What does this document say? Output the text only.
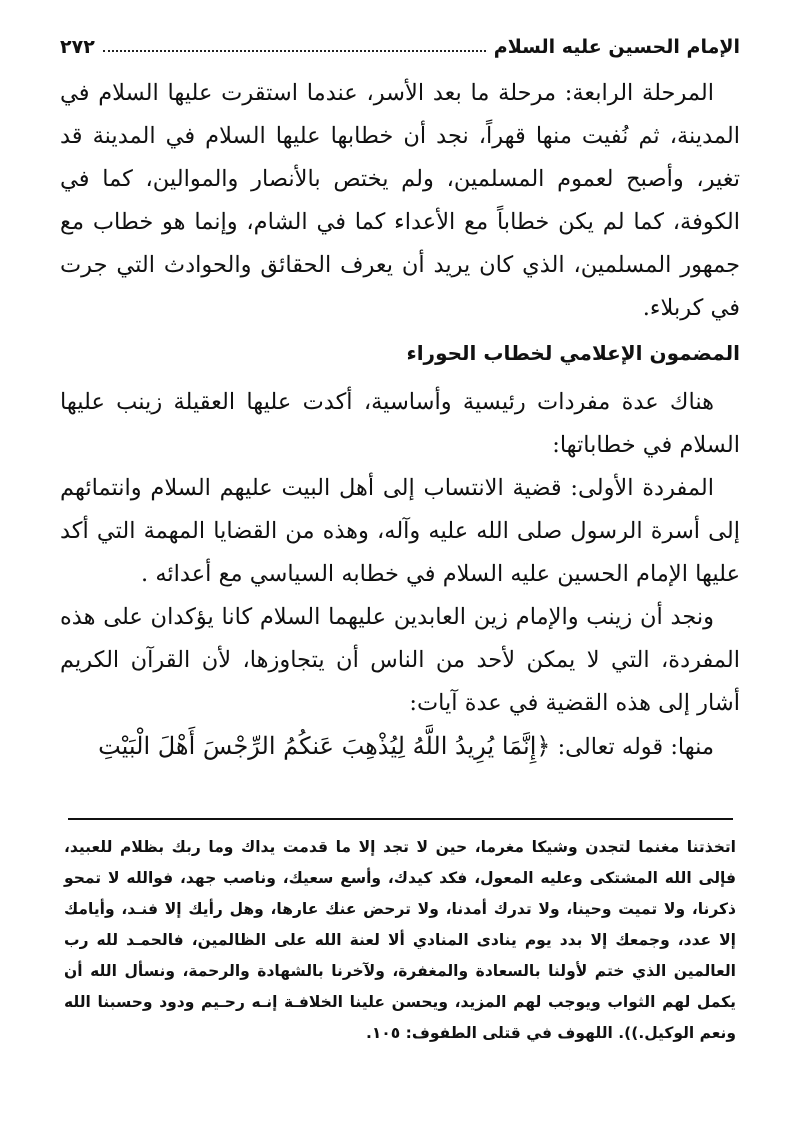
الإمام الحسين عليه السلام
٢٧٢

المرحلة الرابعة: مرحلة ما بعد الأسر، عندما استقرت عليها السلام في المدينة، ثم نُفيت منها قهراً، نجد أن خطابها عليها السلام في المدينة قد تغير، وأصبح لعموم المسلمين، ولم يختص بالأنصار والموالين، كما في الكوفة، كما لم يكن خطاباً مع الأعداء كما في الشام، وإنما هو خطاب مع جمهور المسلمين، الذي كان يريد أن يعرف الحقائق والحوادث التي جرت في كربلاء.

المضمون الإعلامي لخطاب الحوراء

هناك عدة مفردات رئيسية وأساسية، أكدت عليها العقيلة زينب عليها السلام في خطاباتها:

المفردة الأولى: قضية الانتساب إلى أهل البيت عليهم السلام وانتمائهم إلى أسرة الرسول صلى الله عليه وآله، وهذه من القضايا المهمة التي أكد عليها الإمام الحسين عليه السلام في خطابه السياسي مع أعدائه .

ونجد أن زينب والإمام زين العابدين عليهما السلام كانا يؤكدان على هذه المفردة، التي لا يمكن لأحد من الناس أن يتجاوزها، لأن القرآن الكريم أشار إلى هذه القضية في عدة آيات:

منها: قوله تعالى: ﴿إِنَّمَا يُرِيدُ اللَّهُ لِيُذْهِبَ عَنكُمُ الرِّجْسَ أَهْلَ الْبَيْتِ

اتخذتنا مغنما لتجدن وشيكا مغرما، حين لا تجد إلا ما قدمت يداك وما ربك بظلام للعبيد، فإلى الله المشتكى وعليه المعول، فكد كيدك، وأسع سعيك، وناصب جهد، فوالله لا تمحو ذكرنا، ولا تميت وحينا، ولا تدرك أمدنا، ولا ترحض عنك عارها، وهل رأيك إلا فنـد، وأيامك إلا عدد، وجمعك إلا بدد يوم ينادى المنادي ألا لعنة الله على الظالمين، فالحمـد لله رب العالمين الذي ختم لأولنا بالسعادة والمغفرة، ولآخرنا بالشهادة والرحمة، ونسأل الله أن يكمل لهم الثواب ويوجب لهم المزيد، ويحسن علينا الخلافـة إنـه رحـيم ودود وحسبنا الله ونعم الوكيل.)). اللهوف في قتلى الطفوف: ١٠٥.
